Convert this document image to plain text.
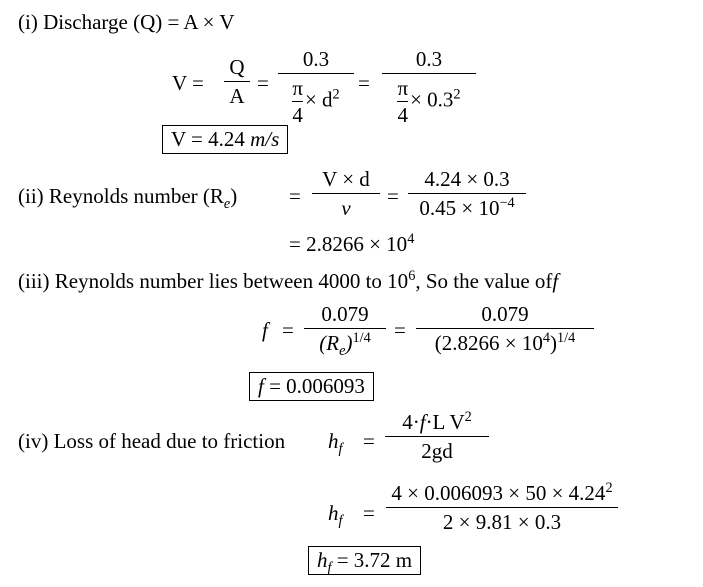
(i) Discharge (Q) = A × V
V =
Q
A
=
0.3
$\frac{\pi}{4} \times d^2$ =
0.3
$\frac{\pi}{4} \times 0.3^2$
V = 4.24 m/s
(ii) Reynolds number $(R_e)$ =
V × d
v
=
4.24 × 0.3
$0.45 \times 10^{-4}$
= $2.8266 \times 10^4$
(iii) Reynolds number lies between 4000 to $10^6$, So the value off
f =
0.079
$(R_e)^{1/4}$	=
0.079
$(2.8266 \times 10^4)^{1/4}$
f = 0.006093
(iv) Loss of head due to friction $h_f$ =
4·f·L $V^2$
2gd
$h_f$ =
$4 \times 0.006093 \times 50 \times 4.24^2$
2 × 9.81 × 0.3
$h_f = 3.72$ m
